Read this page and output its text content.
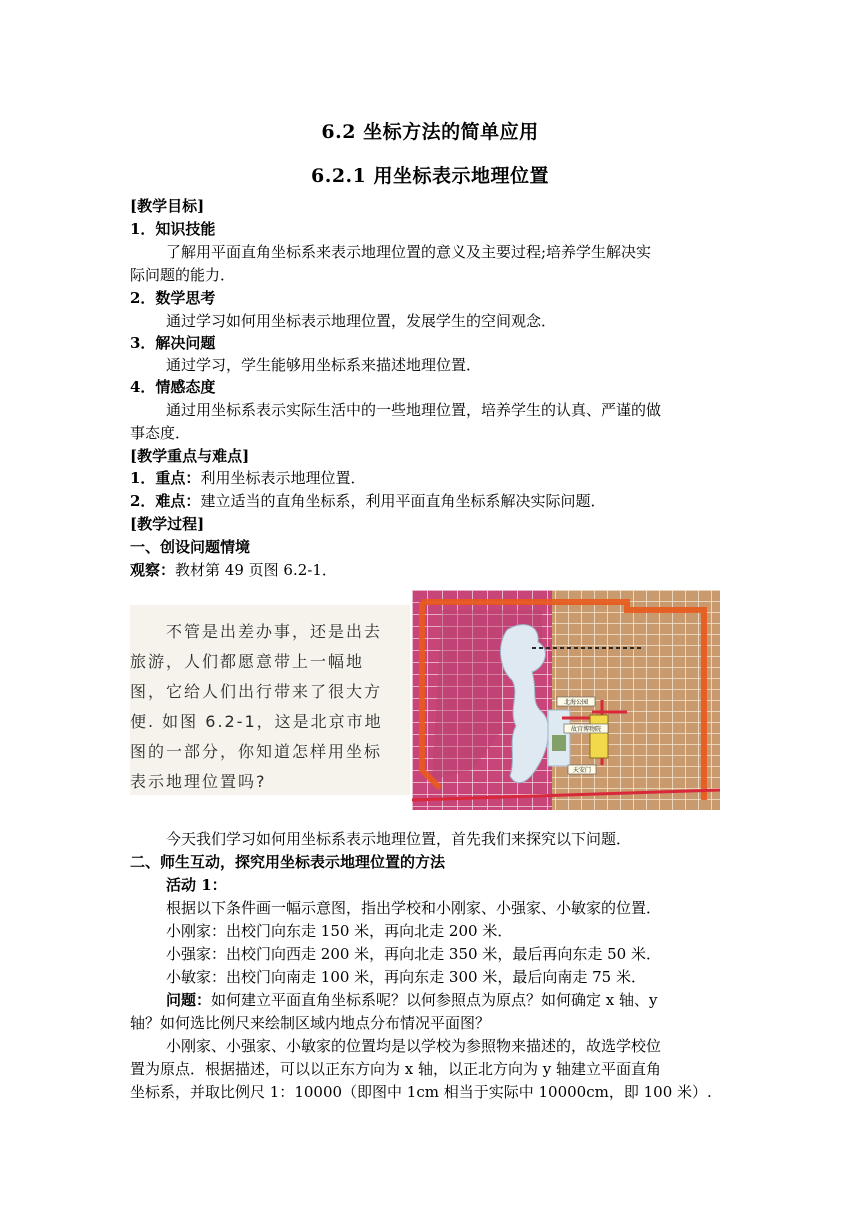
6.2 坐标方法的简单应用
6.2.1 用坐标表示地理位置
[教学目标]
1．知识技能
了解用平面直角坐标系来表示地理位置的意义及主要过程;培养学生解决实
际问题的能力．
2．数学思考
通过学习如何用坐标表示地理位置，发展学生的空间观念．
3．解决问题
通过学习，学生能够用坐标系来描述地理位置．
4．情感态度
通过用坐标系表示实际生活中的一些地理位置，培养学生的认真、严谨的做
事态度．
[教学重点与难点]
1．重点：利用坐标表示地理位置．
2．难点：建立适当的直角坐标系，利用平面直角坐标系解决实际问题．
[教学过程]
一、创设问题情境
观察：教材第 49 页图 6.2-1．
不管是出差办事，还是出去
旅游，人们都愿意带上一幅地
图，它给人们出行带来了很大方
便. 如图 6.2-1，这是北京市地
图的一部分，你知道怎样用坐标
表示地理位置吗?
北海公园
故宫博物院
天安门
今天我们学习如何用坐标系表示地理位置，首先我们来探究以下问题．
二、师生互动，探究用坐标表示地理位置的方法
活动 1：
根据以下条件画一幅示意图，指出学校和小刚家、小强家、小敏家的位置．
小刚家：出校门向东走 150 米，再向北走 200 米．
小强家：出校门向西走 200 米，再向北走 350 米，最后再向东走 50 米．
小敏家：出校门向南走 100 米，再向东走 300 米，最后向南走 75 米．
问题：如何建立平面直角坐标系呢？以何参照点为原点？如何确定 x 轴、y
轴？如何选比例尺来绘制区域内地点分布情况平面图？
小刚家、小强家、小敏家的位置均是以学校为参照物来描述的，故选学校位
置为原点．根据描述，可以以正东方向为 x 轴，以正北方向为 y 轴建立平面直角
坐标系，并取比例尺 1：10000（即图中 1cm 相当于实际中 10000cm，即 100 米）.
